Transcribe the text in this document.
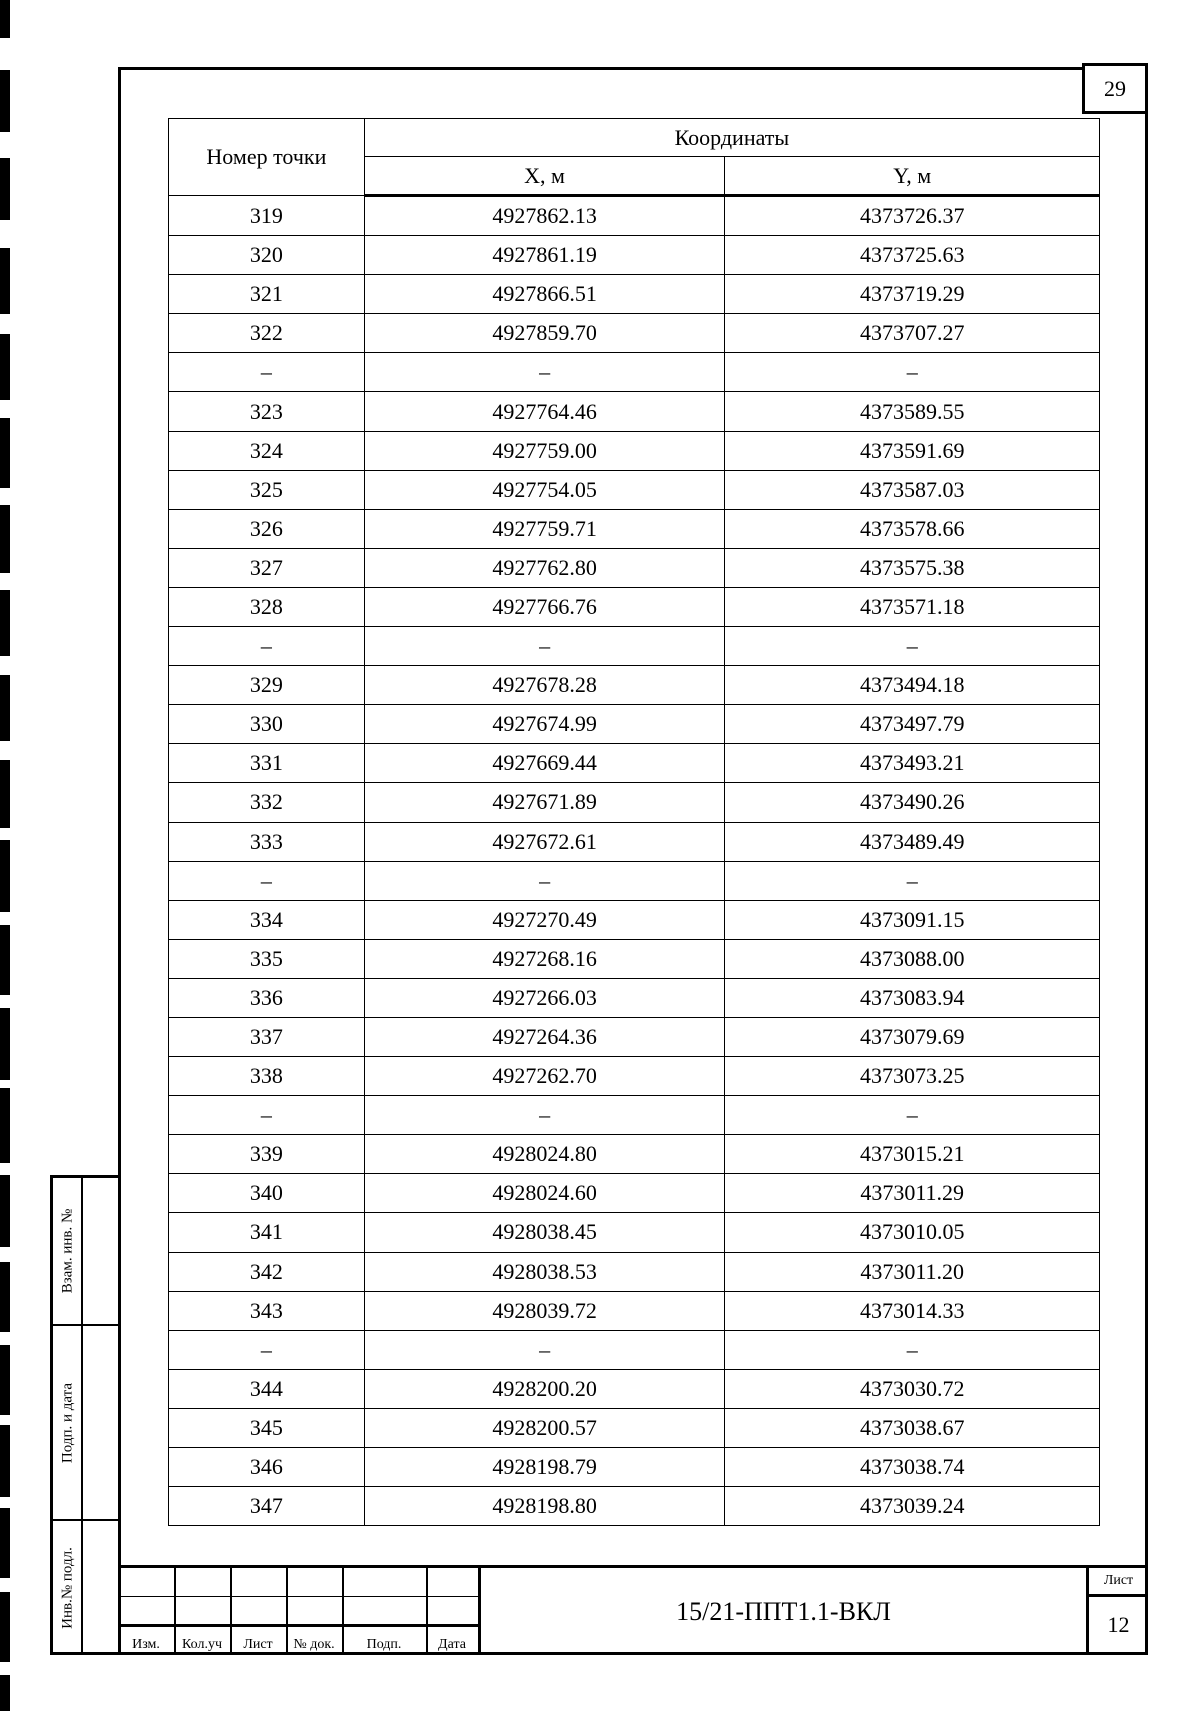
29
Номер точки	Координаты	
	X, м	Y, м
319	4927862.13	4373726.37
320	4927861.19	4373725.63
321	4927866.51	4373719.29
322	4927859.70	4373707.27
–	–	–
323	4927764.46	4373589.55
324	4927759.00	4373591.69
325	4927754.05	4373587.03
326	4927759.71	4373578.66
327	4927762.80	4373575.38
328	4927766.76	4373571.18
–	–	–
329	4927678.28	4373494.18
330	4927674.99	4373497.79
331	4927669.44	4373493.21
332	4927671.89	4373490.26
333	4927672.61	4373489.49
–	–	–
334	4927270.49	4373091.15
335	4927268.16	4373088.00
336	4927266.03	4373083.94
337	4927264.36	4373079.69
338	4927262.70	4373073.25
–	–	–
339	4928024.80	4373015.21
340	4928024.60	4373011.29
341	4928038.45	4373010.05
342	4928038.53	4373011.20
343	4928039.72	4373014.33
–	–	–
344	4928200.20	4373030.72
345	4928200.57	4373038.67
346	4928198.79	4373038.74
347	4928198.80	4373039.24
Взам. инв. №
Подп. и дата
Инв.№ подл.
Изм.	Кол.уч	Лист	№ док.	Подп.	Дата
15/21-ППТ1.1-ВКЛ
Лист
12
